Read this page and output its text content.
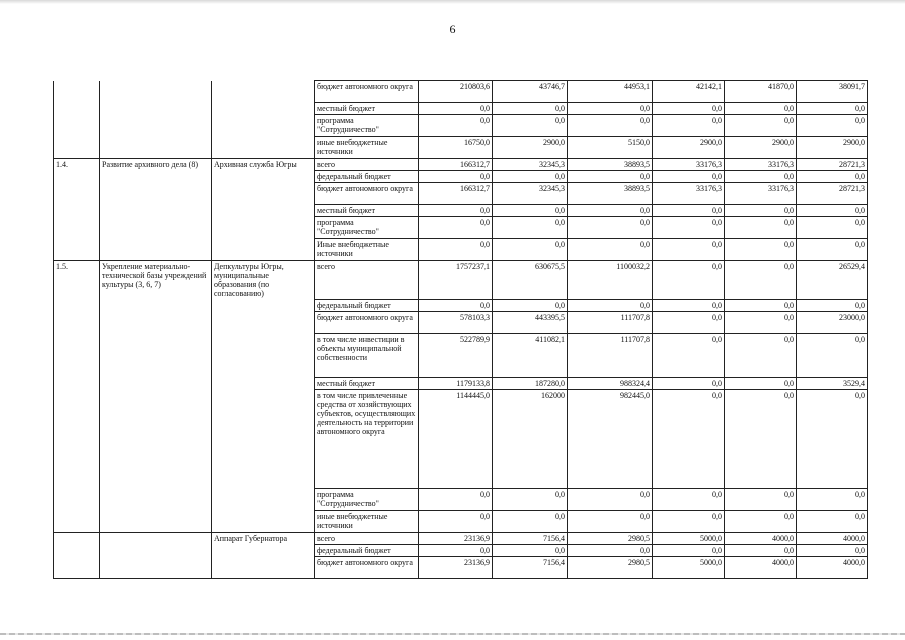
6
			бюджет автономного округа	210803,6	43746,7	44953,1	42142,1	41870,0	38091,7
			местный бюджет	0,0	0,0	0,0	0,0	0,0	0,0
			программа "Сотрудничество"	0,0	0,0	0,0	0,0	0,0	0,0
			иные внебюджетные источники	16750,0	2900,0	5150,0	2900,0	2900,0	2900,0
1.4.	Развитие архивного дела (8)	Архивная служба Югры	всего	166312,7	32345,3	38893,5	33176,3	33176,3	28721,3
			федеральный бюджет	0,0	0,0	0,0	0,0	0,0	0,0
			бюджет автономного округа	166312,7	32345,3	38893,5	33176,3	33176,3	28721,3
			местный бюджет	0,0	0,0	0,0	0,0	0,0	0,0
			программа "Сотрудничество"	0,0	0,0	0,0	0,0	0,0	0,0
			Иные внебюджетные источники	0,0	0,0	0,0	0,0	0,0	0,0
1.5.	Укрепление материально-технической базы учреждений культуры (3, 6, 7)	Депкультуры Югры, муниципальные образования (по согласованию)	всего	1757237,1	630675,5	1100032,2	0,0	0,0	26529,4
			федеральный бюджет	0,0	0,0	0,0	0,0	0,0	0,0
			бюджет автономного округа	578103,3	443395,5	111707,8	0,0	0,0	23000,0
			в том числе инвестиции в объекты муниципальной собственности	522789,9	411082,1	111707,8	0,0	0,0	0,0
			местный бюджет	1179133,8	187280,0	988324,4	0,0	0,0	3529,4
			в том числе привлеченные средства от хозяйствующих субъектов, осуществляющих деятельность на территории автономного округа	1144445,0	162000	982445,0	0,0	0,0	0,0
			программа "Сотрудничество"	0,0	0,0	0,0	0,0	0,0	0,0
			иные внебюджетные источники	0,0	0,0	0,0	0,0	0,0	0,0
		Аппарат Губернатора	всего	23136,9	7156,4	2980,5	5000,0	4000,0	4000,0
			федеральный бюджет	0,0	0,0	0,0	0,0	0,0	0,0
			бюджет автономного округа	23136,9	7156,4	2980,5	5000,0	4000,0	4000,0
